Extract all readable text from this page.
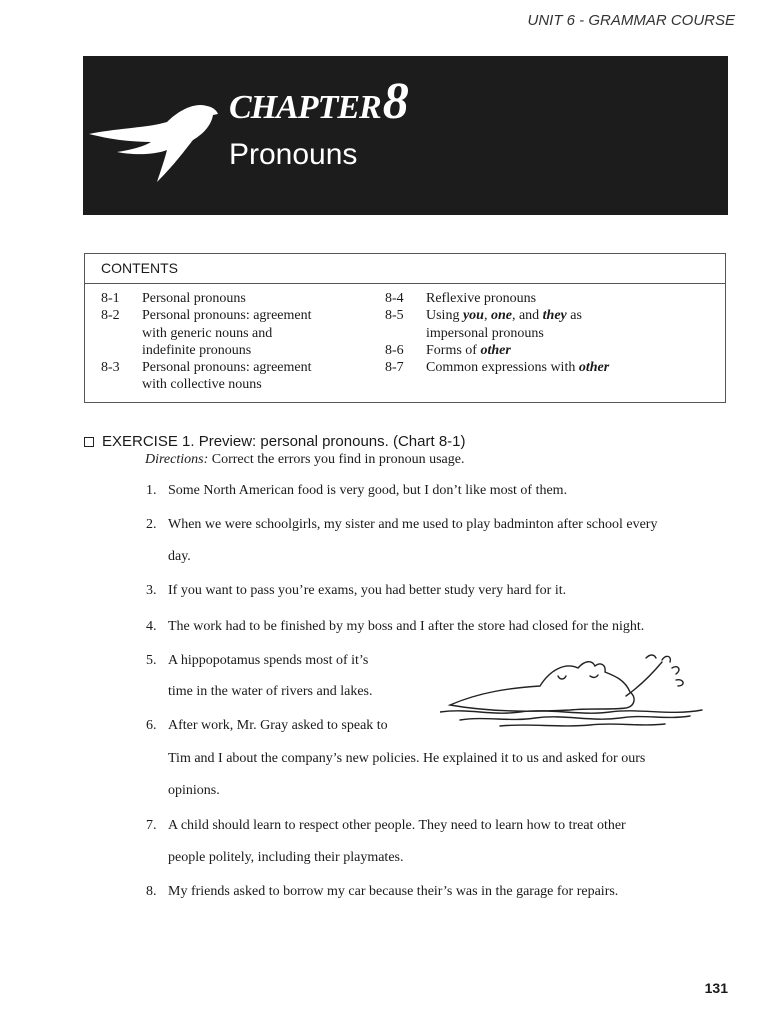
UNIT 6 - GRAMMAR COURSE
CHAPTER8
Pronouns
CONTENTS
8-1	Personal pronouns
8-2	Personal pronouns: agreement
with generic nouns and
indefinite pronouns
8-3	Personal pronouns: agreement
with collective nouns
8-4	Reflexive pronouns
8-5	Using you, one, and they as
impersonal pronouns
8-6	Forms of other
8-7	Common expressions with other
EXERCISE 1. Preview: personal pronouns. (Chart 8-1)
Directions: Correct the errors you find in pronoun usage.
1. Some North American food is very good, but I don’t like most of them.
2. When we were schoolgirls, my sister and me used to play badminton after school every
day.
3. If you want to pass you’re exams, you had better study very hard for it.
4. The work had to be finished by my boss and I after the store had closed for the night.
5. A hippopotamus spends most of it’s
time in the water of rivers and lakes.
6. After work, Mr. Gray asked to speak to
Tim and I about the company’s new policies. He explained it to us and asked for ours
opinions.
7. A child should learn to respect other people. They need to learn how to treat other
people politely, including their playmates.
8. My friends asked to borrow my car because their’s was in the garage for repairs.
131
